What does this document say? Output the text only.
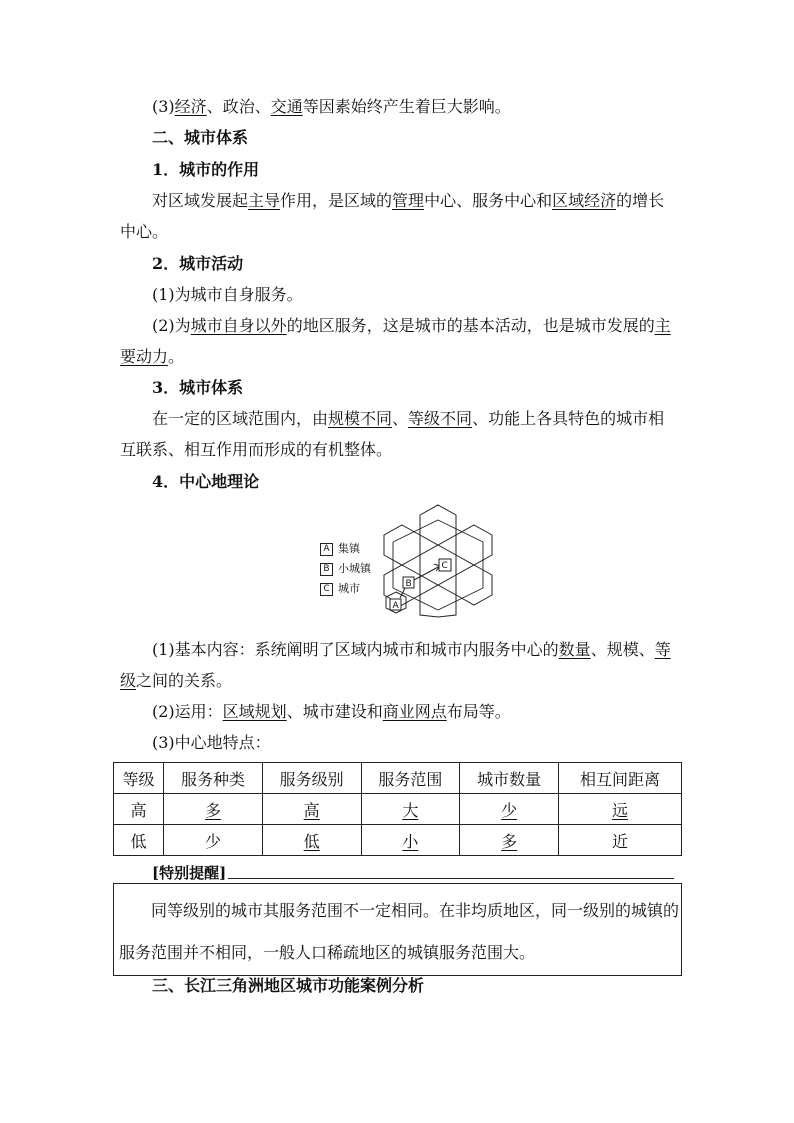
(3)经济、政治、交通等因素始终产生着巨大影响。
二、城市体系
1．城市的作用
对区域发展起主导作用，是区域的管理中心、服务中心和区域经济的增长
中心。
2．城市活动
(1)为城市自身服务。
(2)为城市自身以外的地区服务，这是城市的基本活动，也是城市发展的主
要动力。
3．城市体系
在一定的区域范围内，由规模不同、等级不同、功能上各具特色的城市相
互联系、相互作用而形成的有机整体。
4．中心地理论
A 集镇
B 小城镇
C 城市
A
B
C
(1)基本内容：系统阐明了区域内城市和城市内服务中心的数量、规模、等
级之间的关系。
(2)运用：区域规划、城市建设和商业网点布局等。
(3)中心地特点：
等级	服务种类	服务级别	服务范围	城市数量	相互间距离
高	多	高	大	少	远
低	少	低	小	多	近
[特别提醒]
同等级别的城市其服务范围不一定相同。在非均质地区，同一级别的城镇的
服务范围并不相同，一般人口稀疏地区的城镇服务范围大。
三、长江三角洲地区城市功能案例分析
